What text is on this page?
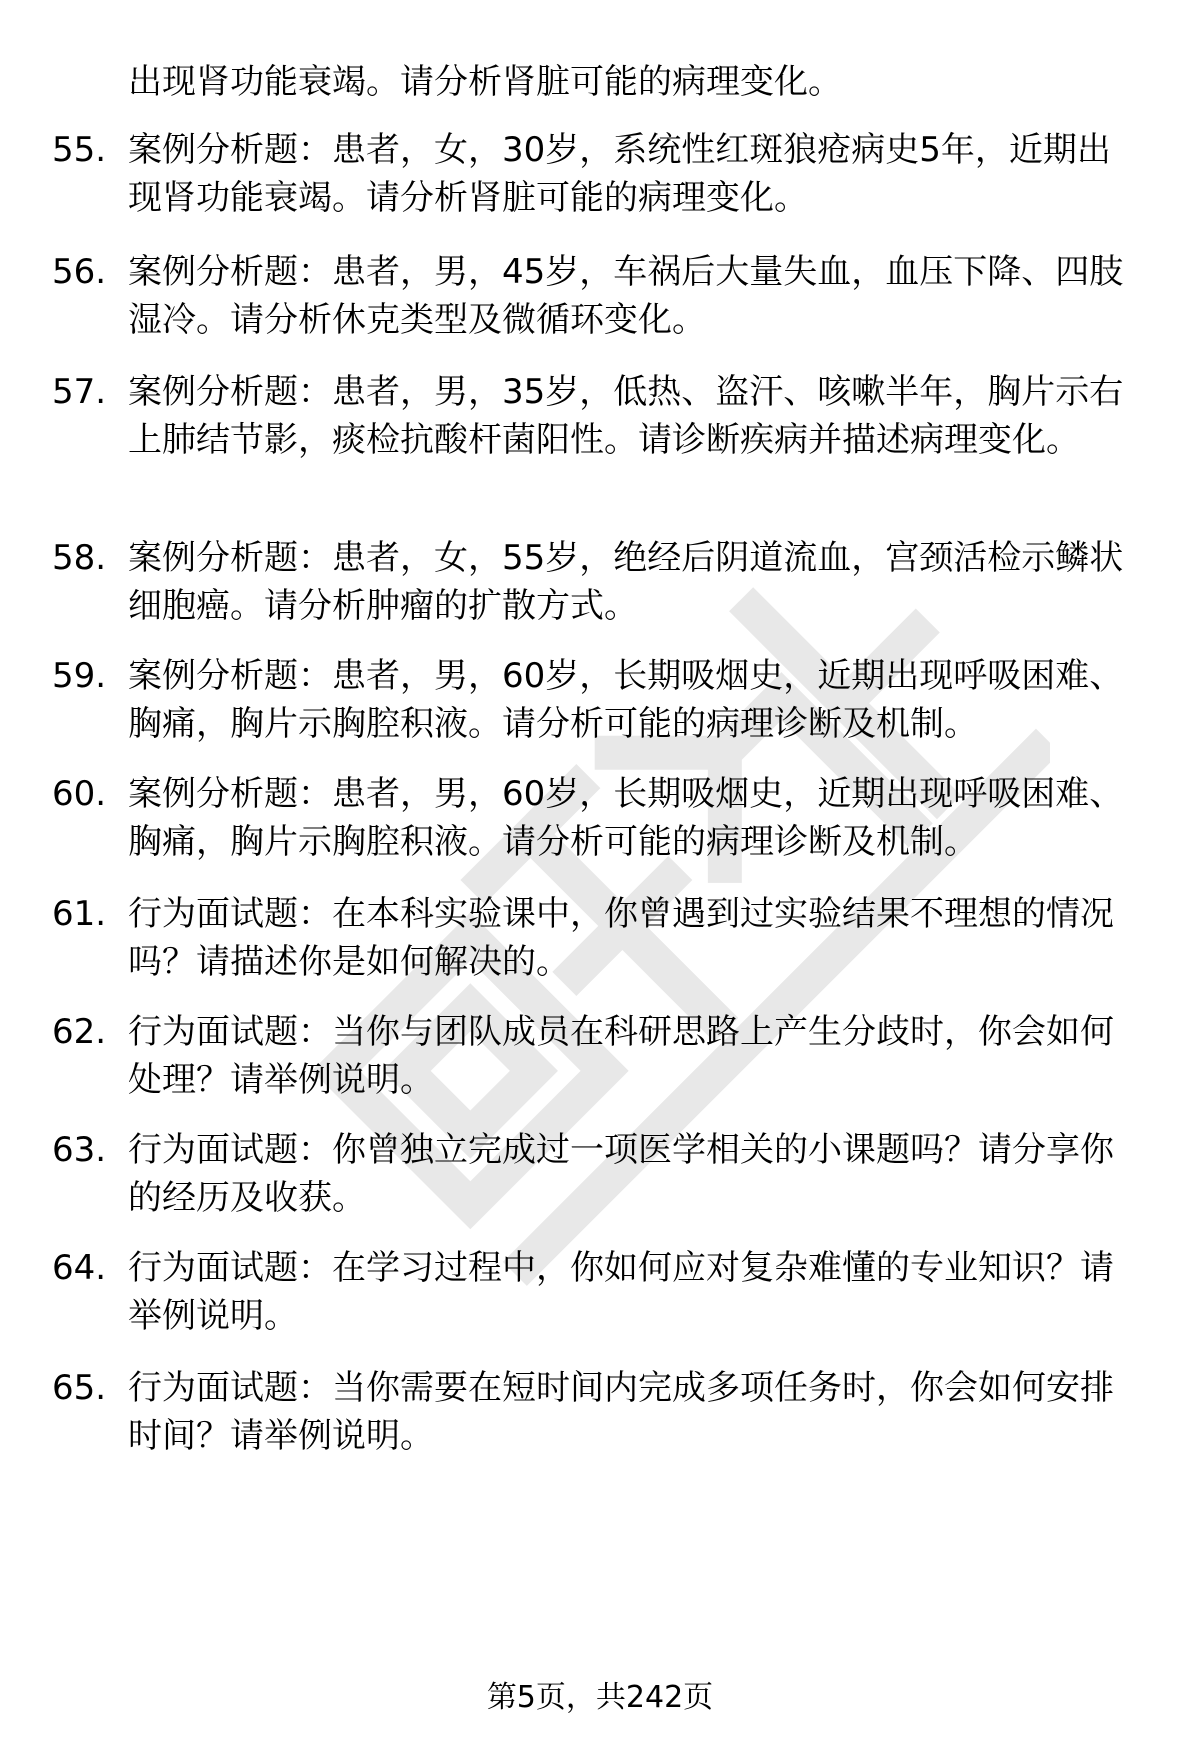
出现肾功能衰竭。请分析肾脏可能的病理变化。
55. 案例分析题：患者，女，30岁，系统性红斑狼疮病史5年，近期出现肾功能衰竭。请分析肾脏可能的病理变化。
56. 案例分析题：患者，男，45岁，车祸后大量失血，血压下降、四肢湿冷。请分析休克类型及微循环变化。
57. 案例分析题：患者，男，35岁，低热、盗汗、咳嗽半年，胸片示右上肺结节影，痰检抗酸杆菌阳性。请诊断疾病并描述病理变化。
58. 案例分析题：患者，女，55岁，绝经后阴道流血，宫颈活检示鳞状细胞癌。请分析肿瘤的扩散方式。
59. 案例分析题：患者，男，60岁，长期吸烟史，近期出现呼吸困难、胸痛，胸片示胸腔积液。请分析可能的病理诊断及机制。
60. 案例分析题：患者，男，60岁，长期吸烟史，近期出现呼吸困难、胸痛，胸片示胸腔积液。请分析可能的病理诊断及机制。
61. 行为面试题：在本科实验课中，你曾遇到过实验结果不理想的情况吗？请描述你是如何解决的。
62. 行为面试题：当你与团队成员在科研思路上产生分歧时，你会如何处理？请举例说明。
63. 行为面试题：你曾独立完成过一项医学相关的小课题吗？请分享你的经历及收获。
64. 行为面试题：在学习过程中，你如何应对复杂难懂的专业知识？请举例说明。
65. 行为面试题：当你需要在短时间内完成多项任务时，你会如何安排时间？请举例说明。
第5页，共242页
